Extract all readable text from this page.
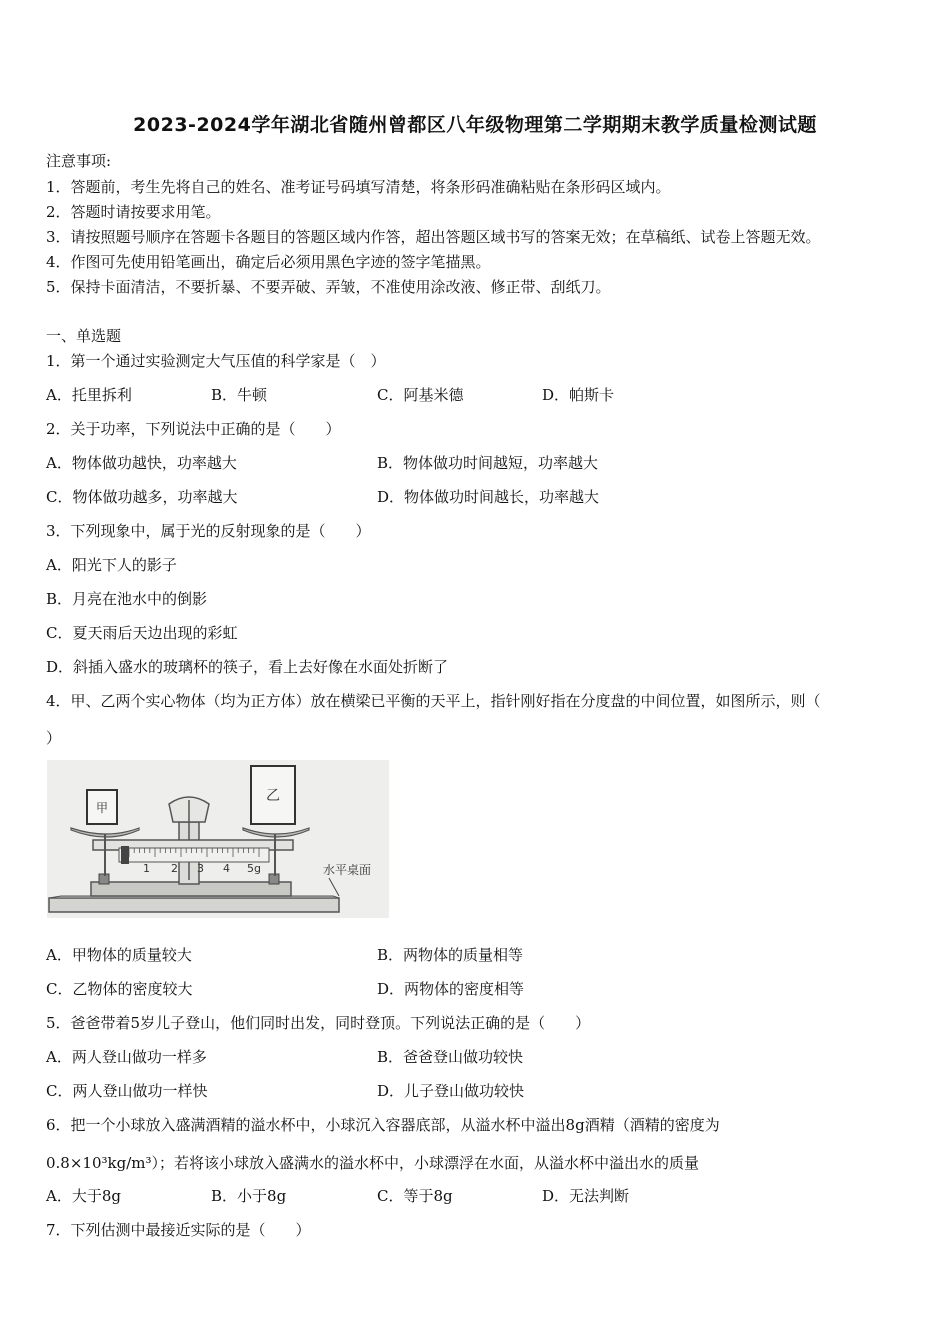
2023-2024学年湖北省随州曾都区八年级物理第二学期期末教学质量检测试题
注意事项:
1．答题前，考生先将自己的姓名、准考证号码填写清楚，将条形码准确粘贴在条形码区域内。
2．答题时请按要求用笔。
3．请按照题号顺序在答题卡各题目的答题区域内作答，超出答题区域书写的答案无效；在草稿纸、试卷上答题无效。
4．作图可先使用铅笔画出，确定后必须用黑色字迹的签字笔描黑。
5．保持卡面清洁，不要折暴、不要弄破、弄皱，不准使用涂改液、修正带、刮纸刀。
一、单选题
1．第一个通过实验测定大气压值的科学家是（　）
A．托里拆利	B．牛顿	C．阿基米德	D．帕斯卡
2．关于功率，下列说法中正确的是（　　）
A．物体做功越快，功率越大	B．物体做功时间越短，功率越大
C．物体做功越多，功率越大	D．物体做功时间越长，功率越大
3．下列现象中，属于光的反射现象的是（　　）
A．阳光下人的影子
B．月亮在池水中的倒影
C．夏天雨后天边出现的彩虹
D．斜插入盛水的玻璃杯的筷子，看上去好像在水面处折断了
4．甲、乙两个实心物体（均为正方体）放在横梁已平衡的天平上，指针刚好指在分度盘的中间位置，如图所示，则（
）
甲
乙
1 2 3 4 5g	水平桌面
A．甲物体的质量较大	B．两物体的质量相等
C．乙物体的密度较大	D．两物体的密度相等
5．爸爸带着5岁儿子登山，他们同时出发，同时登顶。下列说法正确的是（　　）
A．两人登山做功一样多	B．爸爸登山做功较快
C．两人登山做功一样快	D．儿子登山做功较快
6．把一个小球放入盛满酒精的溢水杯中，小球沉入容器底部，从溢水杯中溢出8g酒精（酒精的密度为
0.8×10³kg/m³）；若将该小球放入盛满水的溢水杯中，小球漂浮在水面，从溢水杯中溢出水的质量
A．大于8g	B．小于8g	C．等于8g	D．无法判断
7．下列估测中最接近实际的是（　　）
